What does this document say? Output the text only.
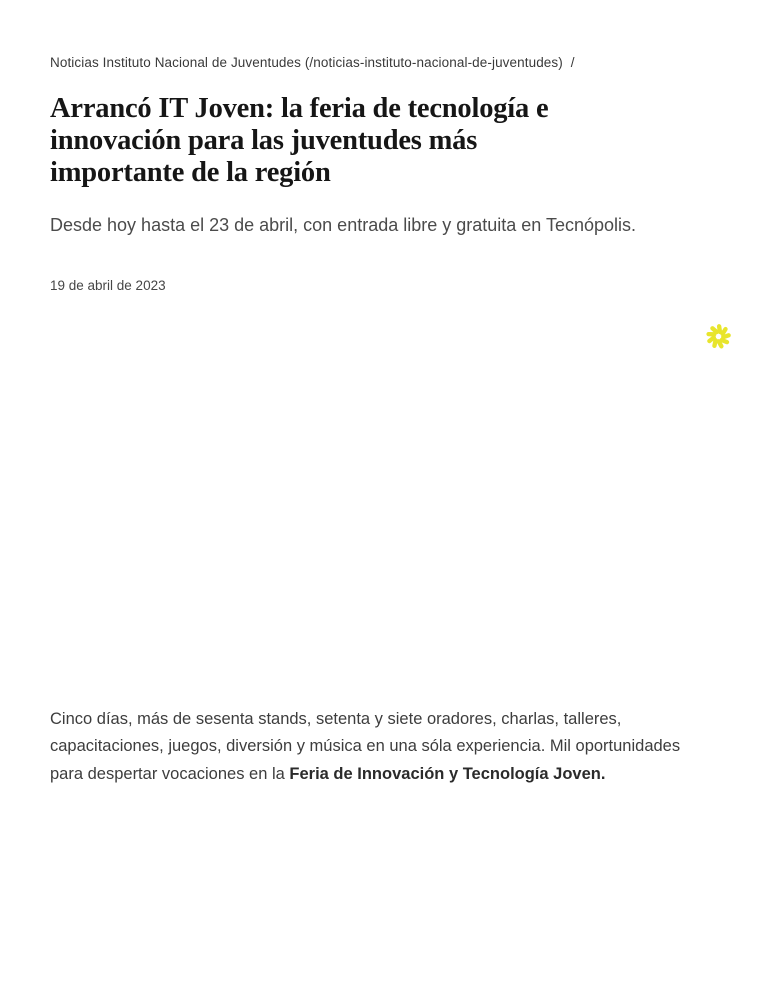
Noticias Instituto Nacional de Juventudes (/noticias-instituto-nacional-de-juventudes) /
Arrancó IT Joven: la feria de tecnología e
innovación para las juventudes más
importante de la región

Desde hoy hasta el 23 de abril, con entrada libre y gratuita en Tecnópolis.

19 de abril de 2023

Cinco días, más de sesenta stands, setenta y siete oradores, charlas, talleres, capacitaciones, juegos, diversión y música en una sóla experiencia. Mil oportunidades para despertar vocaciones en la Feria de Innovación y Tecnología Joven.
